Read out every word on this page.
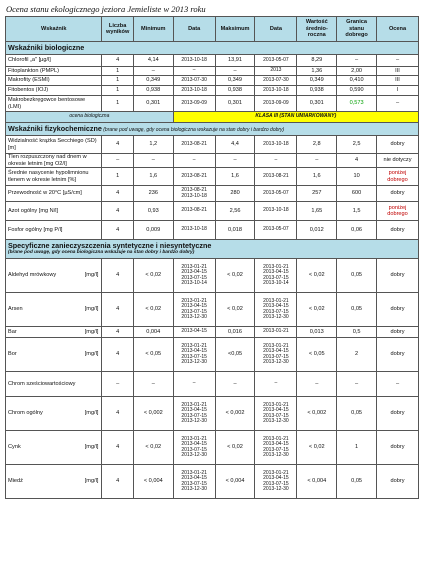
Ocena stanu ekologicznego jeziora Jemieliste w 2013 roku
Wskaźnik	Liczba wyników	Minimum	Data	Maksimum	Data	Wartość średnio-roczna	Granica stanu dobrego	Ocena
Wskaźniki biologiczne								
Chlorofil „a" [µg/l]	4	4,14	2013-10-18	13,91	2013-05-07	8,29	–	–
Fitoplankton (PMPL)	1	–	–	–	2013	1,36	2,00	III
Makrofity (ESMI)	1	0,349	2013-07-30	0,349	2013-07-30	0,349	0,410	III
Fitobentos (IOJ)	1	0,938	2013-10-18	0,938	2013-10-18	0,938	0,590	I
Makrobezkręgowce bentosowe (LMI)	1	0,301	2013-09-09	0,301	2013-09-09	0,301	0,573	–
ocena biologiczna			KLASA III (STAN UMIARKOWANY)					
Wskaźniki fizykochemiczne (brane pod uwagę, gdy ocena biologiczna wskazuje na stan dobry i bardzo dobry)								
Widzialność krążka Secchiego (SD) [m]	4	1,2	2013-08-21	4,4	2013-10-18	2,8	2,5	dobry
Tlen rozpuszczony nad dnem w okresie letnim [mg O2/l]	–	–	–	–	–	–	4	nie dotyczy
Średnie nasycenie hypolimnionu tlenem w okresie letnim [%]	1	1,6	2013-08-21	1,6	2013-08-21	1,6	10	poniżej dobrego
Przewodność w 20°C [µS/cm]	4	236	2013-08-21
2013-10-18	280	2013-05-07	257	600	dobry
Azot ogólny [mg N/l]	4	0,93	2013-08-21	2,56	2013-10-18	1,65	1,5	poniżej dobrego
Fosfor ogólny [mg P/l]	4	0,009	2013-10-18	0,018	2013-05-07	0,012	0,06	dobry
Specyficzne zanieczyszczenia syntetyczne i niesyntetyczne
(brane pod uwagę, gdy ocena biologiczna wskazuje na stan dobry i bardzo dobry)								

Aldehyd mrówkowy [mg/l]	4	< 0,02	2013-01-21
2013-04-15
2013-07-15
2013-10-14	< 0,02	2013-01-21
2013-04-15
2013-07-15
2013-10-14	< 0,02	0,05	dobry
Arsen [mg/l]	4	< 0,02	2013-01-21
2013-04-15
2013-07-15
2013-12-30	< 0,02	2013-01-21
2013-04-15
2013-07-15
2013-12-30	< 0,02	0,05	dobry
Bar [mg/l]	4	0,004	2013-04-15	0,016	2013-01-21	0,013	0,5	dobry
Bor [mg/l]	4	< 0,05	2013-01-21
2013-04-15
2013-07-15
2013-12-30	<0,05	2013-01-21
2013-04-15
2013-07-15
2013-12-30	< 0,05	2	dobry
Chrom sześciowartościowy	–	–	–	–	–	–	–	–
Chrom ogólny [mg/l]	4	< 0,002	2013-01-21
2013-04-15
2013-07-15
2013-12-30	< 0,002	2013-01-21
2013-04-15
2013-07-15
2013-12-30	< 0,002	0,05	dobry
Cynk [mg/l]	4	< 0,02	2013-01-21
2013-04-15
2013-07-15
2013-12-30	< 0,02	2013-01-21
2013-04-15
2013-07-15
2013-12-30	< 0,02	1	dobry
Miedź [mg/l]	4	< 0,004	2013-01-21
2013-04-15
2013-07-15
2013-12-30	< 0,004	2013-01-21
2013-04-15
2013-07-15
2013-12-30	< 0,004	0,05	dobry
